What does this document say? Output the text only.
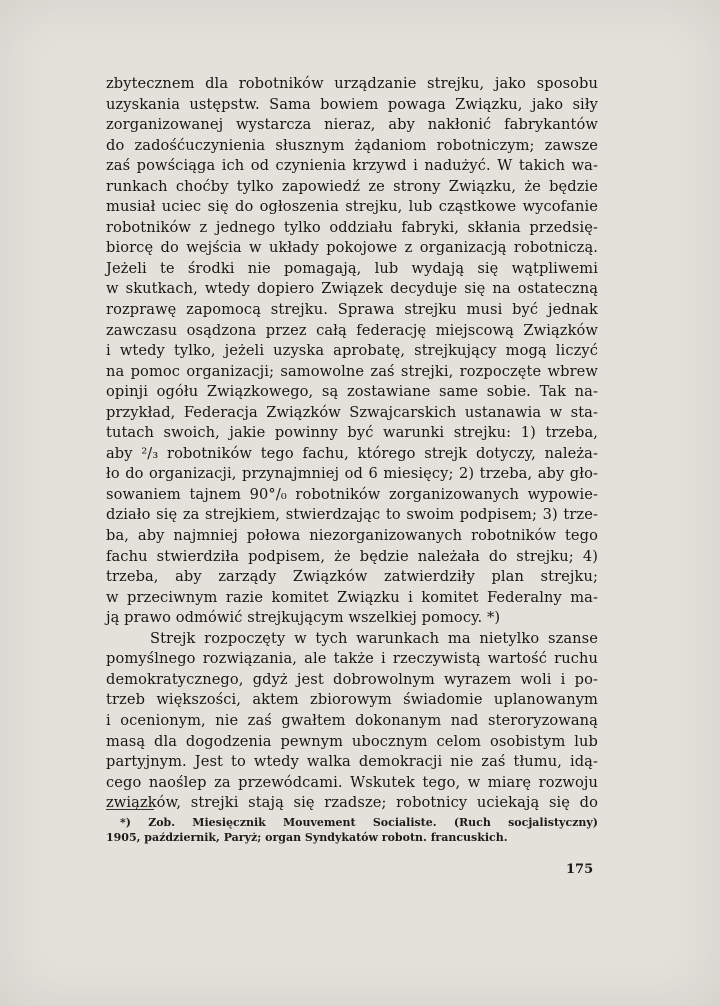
zbytecznem dla robotników urządzanie strejku, jako sposobu
uzyskania ustępstw. Sama bowiem powaga Związku, jako siły
zorganizowanej wystarcza nieraz, aby nakłonić fabrykantów
do zadośćuczynienia słusznym żądaniom robotniczym; zawsze
zaś powściąga ich od czynienia krzywd i nadużyć. W takich wa-
runkach choćby tylko zapowiedź ze strony Związku, że będzie
musiał uciec się do ogłoszenia strejku, lub cząstkowe wycofanie
robotników z jednego tylko oddziału fabryki, skłania przedsię-
biorcę do wejścia w układy pokojowe z organizacją robotniczą.
Jeżeli te środki nie pomagają, lub wydają się wątpliwemi
w skutkach, wtedy dopiero Związek decyduje się na ostateczną
rozprawę zapomocą strejku. Sprawa strejku musi być jednak
zawczasu osądzona przez całą federację miejscową Związków
i wtedy tylko, jeżeli uzyska aprobatę, strejkujący mogą liczyć
na pomoc organizacji; samowolne zaś strejki, rozpoczęte wbrew
opinji ogółu Związkowego, są zostawiane same sobie. Tak na-
przykład, Federacja Związków Szwajcarskich ustanawia w sta-
tutach swoich, jakie powinny być warunki strejku: 1) trzeba,
aby ²/₃ robotników tego fachu, którego strejk dotyczy, należa-
ło do organizacji, przynajmniej od 6 miesięcy; 2) trzeba, aby gło-
sowaniem tajnem 90°/₀ robotników zorganizowanych wypowie-
działo się za strejkiem, stwierdzając to swoim podpisem; 3) trze-
ba, aby najmniej połowa niezorganizowanych robotników tego
fachu stwierdziła podpisem, że będzie należała do strejku; 4)
trzeba, aby zarządy Związków zatwierdziły plan strejku;
w przeciwnym razie komitet Związku i komitet Federalny ma-
ją prawo odmówić strejkującym wszelkiej pomocy. *)
Strejk rozpoczęty w tych warunkach ma nietylko szanse
pomyślnego rozwiązania, ale także i rzeczywistą wartość ruchu
demokratycznego, gdyż jest dobrowolnym wyrazem woli i po-
trzeb większości, aktem zbiorowym świadomie uplanowanym
i ocenionym, nie zaś gwałtem dokonanym nad steroryzowaną
masą dla dogodzenia pewnym ubocznym celom osobistym lub
partyjnym. Jest to wtedy walka demokracji nie zaś tłumu, idą-
cego naoślep za przewódcami. Wskutek tego, w miarę rozwoju
związków, strejki stają się rzadsze; robotnicy uciekają się do
*) Zob. Miesięcznik Mouvement Socialiste. (Ruch socjalistyczny)
1905, październik, Paryż; organ Syndykatów robotn. francuskich.
175
